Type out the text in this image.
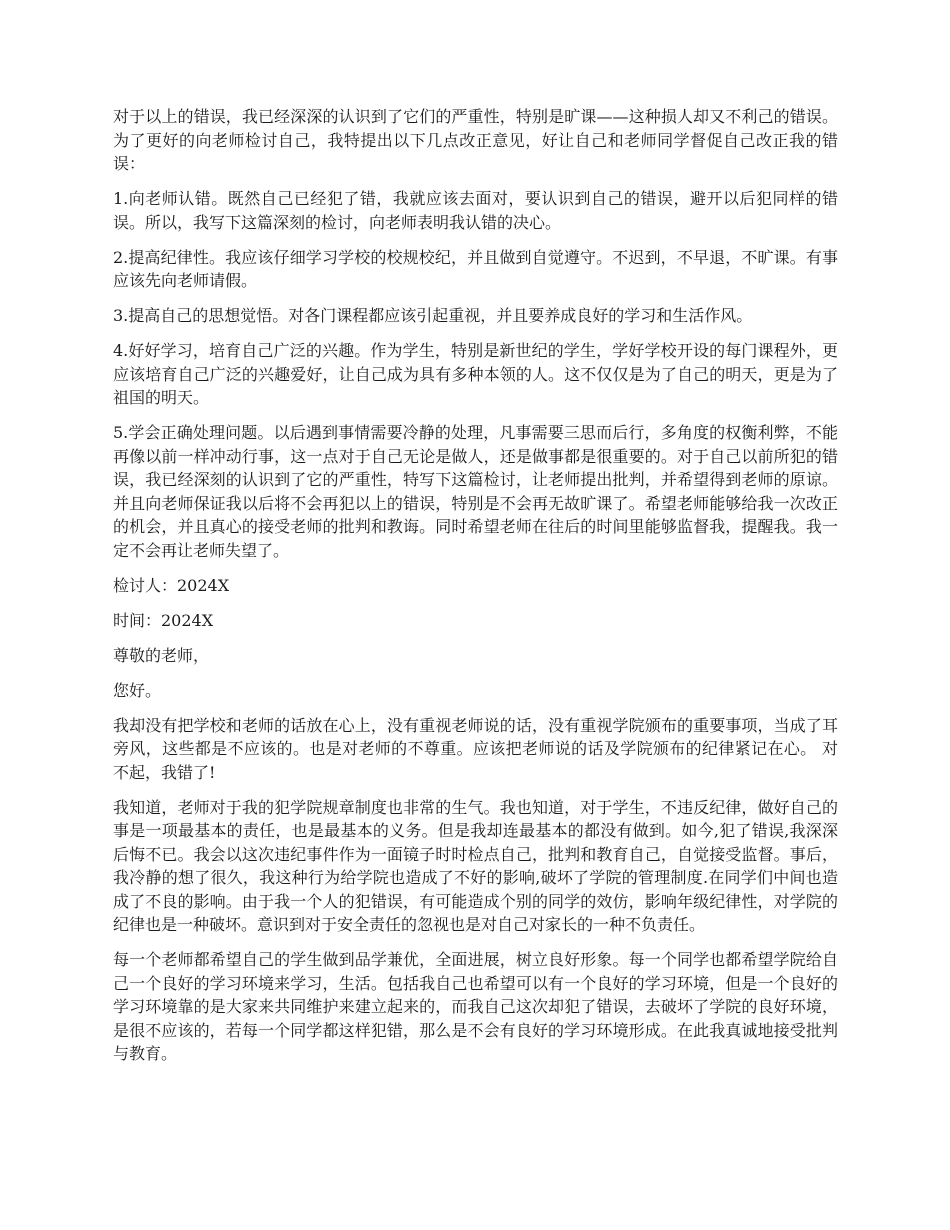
对于以上的错误，我已经深深的认识到了它们的严重性，特别是旷课——这种损人却又不利己的错误。为了更好的向老师检讨自己，我特提出以下几点改正意见，好让自己和老师同学督促自己改正我的错误：

1.向老师认错。既然自己已经犯了错，我就应该去面对，要认识到自己的错误，避开以后犯同样的错误。所以，我写下这篇深刻的检讨，向老师表明我认错的决心。

2.提高纪律性。我应该仔细学习学校的校规校纪，并且做到自觉遵守。不迟到，不早退，不旷课。有事应该先向老师请假。

3.提高自己的思想觉悟。对各门课程都应该引起重视，并且要养成良好的学习和生活作风。

4.好好学习，培育自己广泛的兴趣。作为学生，特别是新世纪的学生，学好学校开设的每门课程外，更应该培育自己广泛的兴趣爱好，让自己成为具有多种本领的人。这不仅仅是为了自己的明天，更是为了祖国的明天。

5.学会正确处理问题。以后遇到事情需要冷静的处理，凡事需要三思而后行，多角度的权衡利弊，不能再像以前一样冲动行事，这一点对于自己无论是做人，还是做事都是很重要的。对于自己以前所犯的错误，我已经深刻的认识到了它的严重性，特写下这篇检讨，让老师提出批判，并希望得到老师的原谅。并且向老师保证我以后将不会再犯以上的错误，特别是不会再无故旷课了。希望老师能够给我一次改正的机会，并且真心的接受老师的批判和教诲。同时希望老师在往后的时间里能够监督我，提醒我。我一定不会再让老师失望了。

检讨人：2024X

时间：2024X

尊敬的老师，

您好。

我却没有把学校和老师的话放在心上，没有重视老师说的话，没有重视学院颁布的重要事项，当成了耳旁风，这些都是不应该的。也是对老师的不尊重。应该把老师说的话及学院颁布的纪律紧记在心。 对不起，我错了!

我知道，老师对于我的犯学院规章制度也非常的生气。我也知道，对于学生，不违反纪律，做好自己的事是一项最基本的责任，也是最基本的义务。但是我却连最基本的都没有做到。如今,犯了错误,我深深后悔不已。我会以这次违纪事件作为一面镜子时时检点自己，批判和教育自己，自觉接受监督。事后，我冷静的想了很久，我这种行为给学院也造成了不好的影响,破坏了学院的管理制度.在同学们中间也造成了不良的影响。由于我一个人的犯错误，有可能造成个别的同学的效仿，影响年级纪律性，对学院的纪律也是一种破坏。意识到对于安全责任的忽视也是对自己对家长的一种不负责任。

每一个老师都希望自己的学生做到品学兼优，全面进展，树立良好形象。每一个同学也都希望学院给自己一个良好的学习环境来学习，生活。包括我自己也希望可以有一个良好的学习环境，但是一个良好的学习环境靠的是大家来共同维护来建立起来的，而我自己这次却犯了错误，去破坏了学院的良好环境，是很不应该的，若每一个同学都这样犯错，那么是不会有良好的学习环境形成。在此我真诚地接受批判与教育。
